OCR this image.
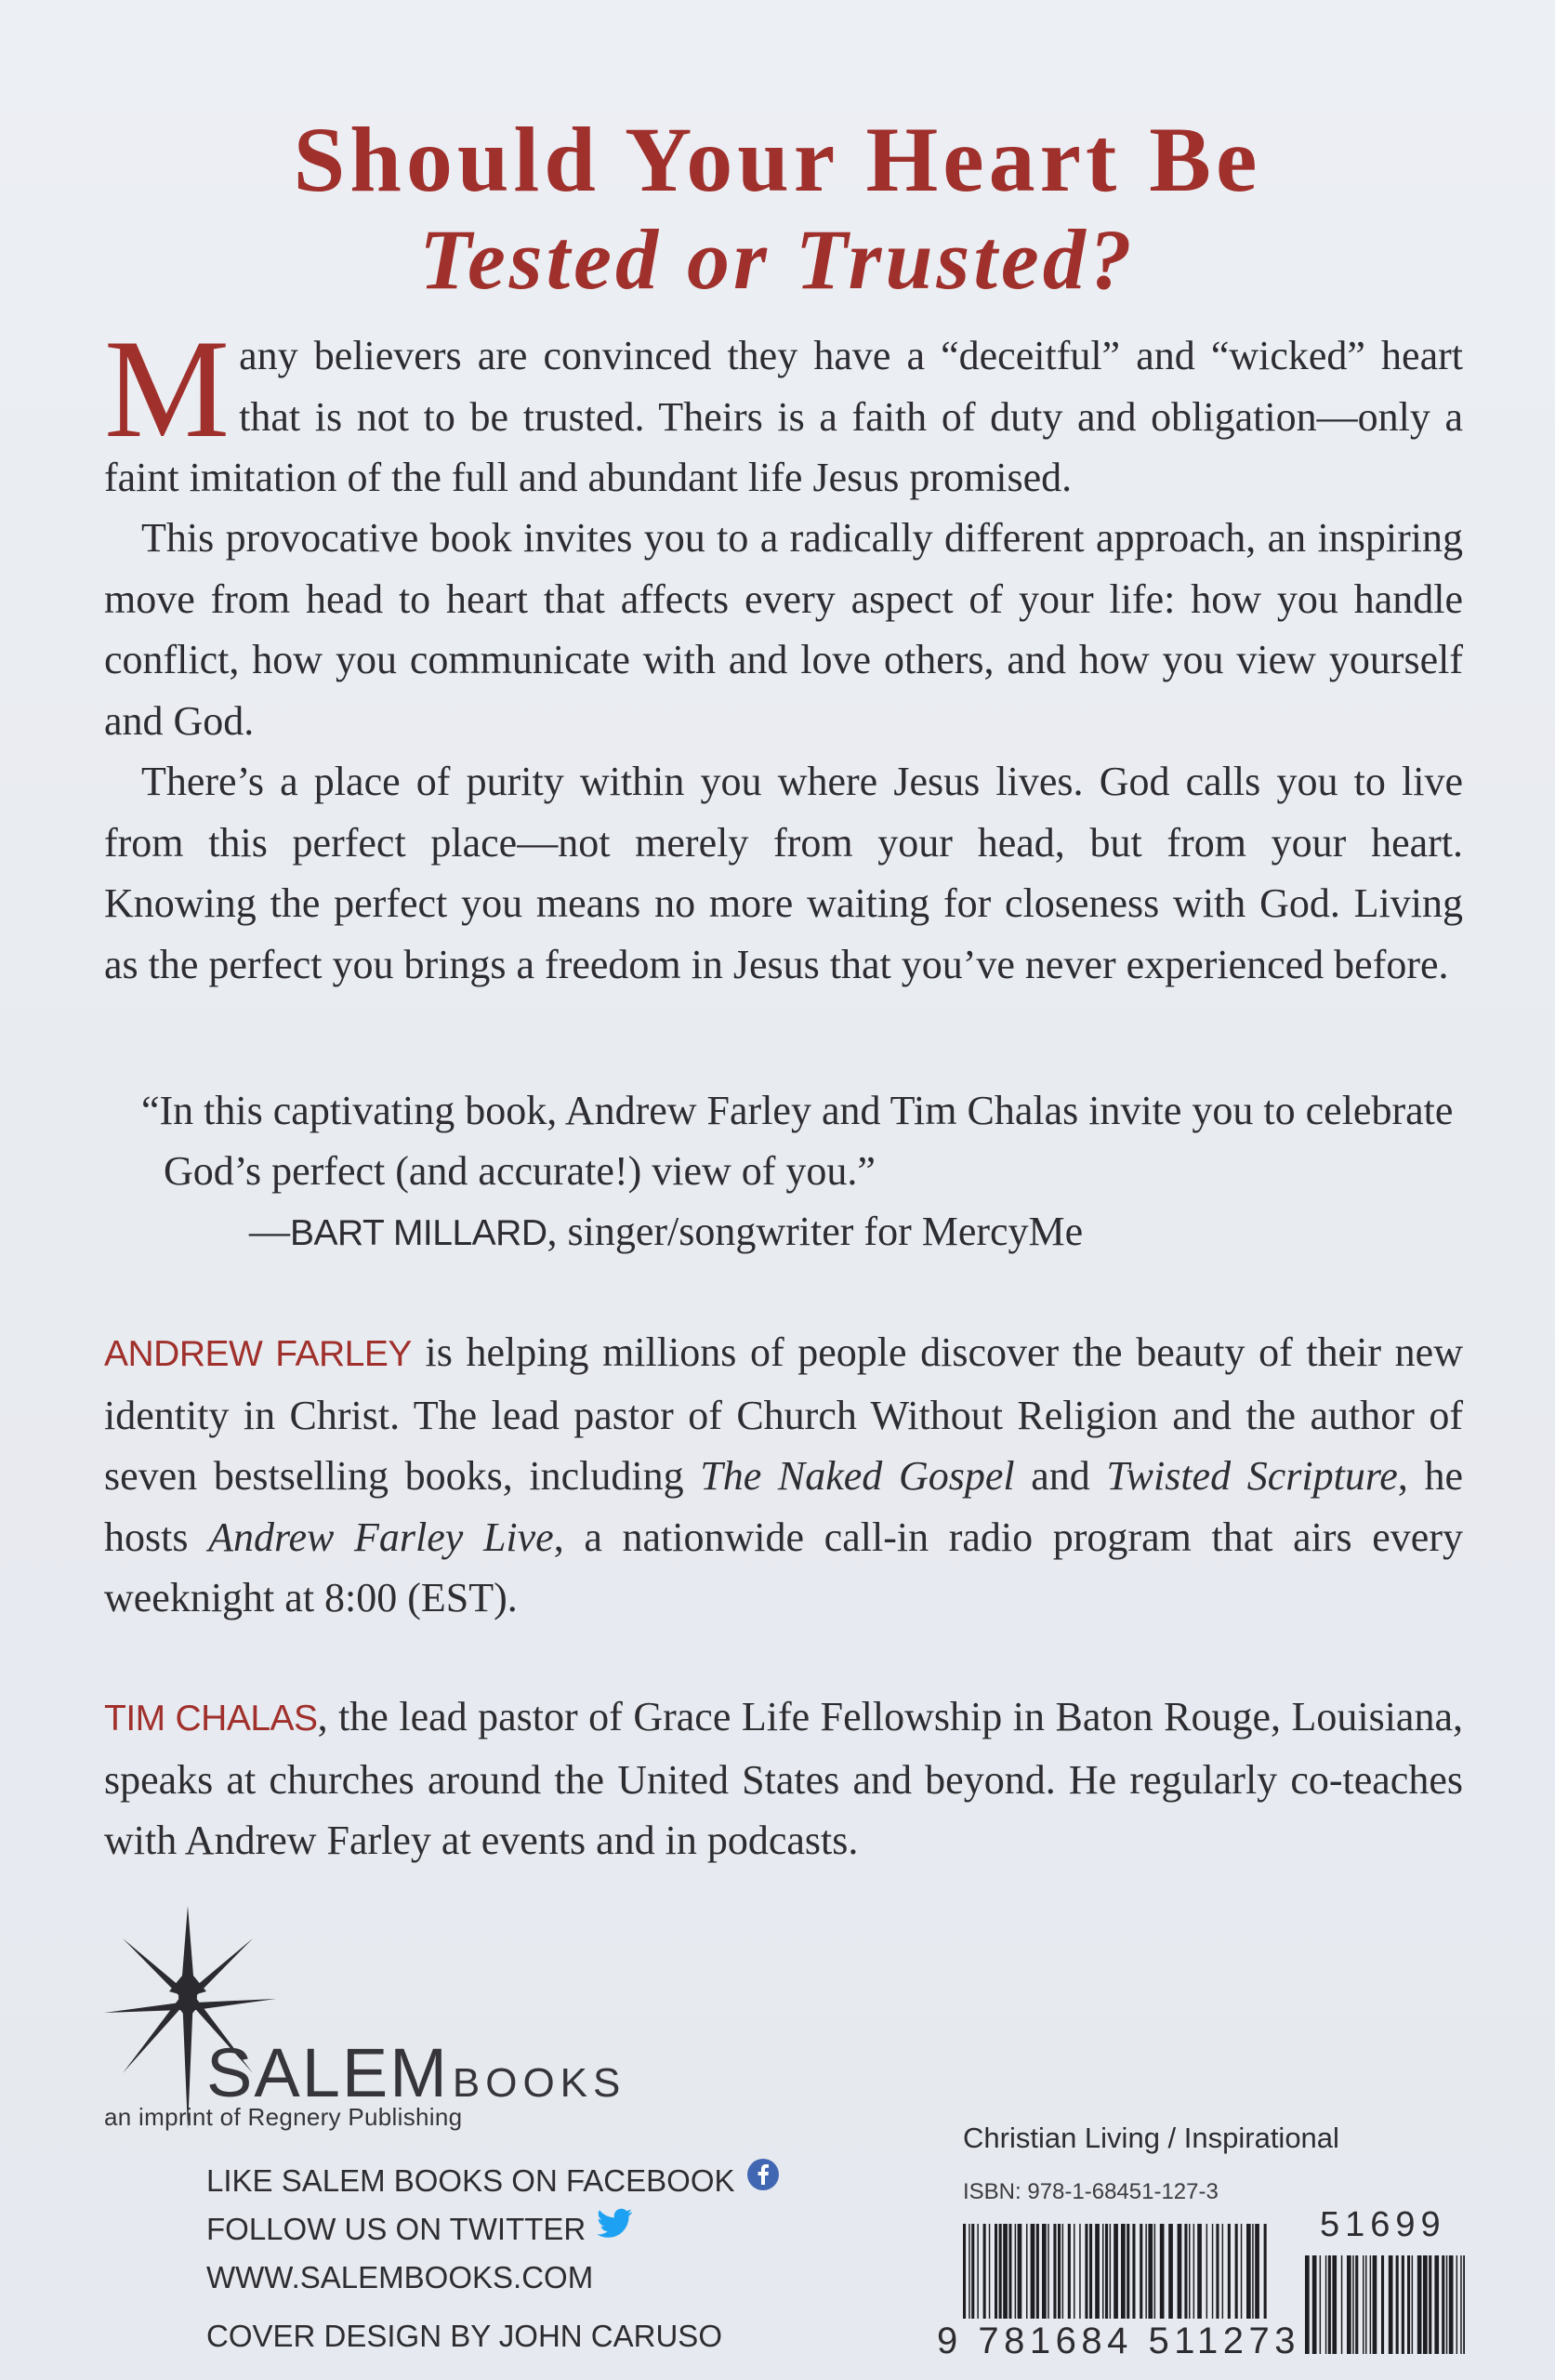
Should Your Heart Be
Tested or Trusted?

Many believers are convinced they have a “deceitful” and “wicked” heart that is not to be trusted. Theirs is a faith of duty and obligation—only a faint imitation of the full and abundant life Jesus promised.

This provocative book invites you to a radically different approach, an inspiring move from head to heart that affects every aspect of your life: how you handle conflict, how you communicate with and love others, and how you view yourself and God.

There’s a place of purity within you where Jesus lives. God calls you to live from this perfect place—not merely from your head, but from your heart. Knowing the perfect you means no more waiting for closeness with God. Living as the perfect you brings a freedom in Jesus that you’ve never experienced before.

“In this captivating book, Andrew Farley and Tim Chalas invite you to celebrate God’s perfect (and accurate!) view of you.”
—BART MILLARD, singer/songwriter for MercyMe

ANDREW FARLEY is helping millions of people discover the beauty of their new identity in Christ. The lead pastor of Church Without Religion and the author of seven bestselling books, including The Naked Gospel and Twisted Scripture, he hosts Andrew Farley Live, a nationwide call-in radio program that airs every weeknight at 8:00 (EST).

TIM CHALAS, the lead pastor of Grace Life Fellowship in Baton Rouge, Louisiana, speaks at churches around the United States and beyond. He regularly co-teaches with Andrew Farley at events and in podcasts.

SALEMBOOKS
an imprint of Regnery Publishing
LIKE SALEM BOOKS ON FACEBOOK
FOLLOW US ON TWITTER
WWW.SALEMBOOKS.COM
COVER DESIGN BY JOHN CARUSO
Christian Living / Inspirational
ISBN: 978-1-68451-127-3
51699
9 781684 511273
